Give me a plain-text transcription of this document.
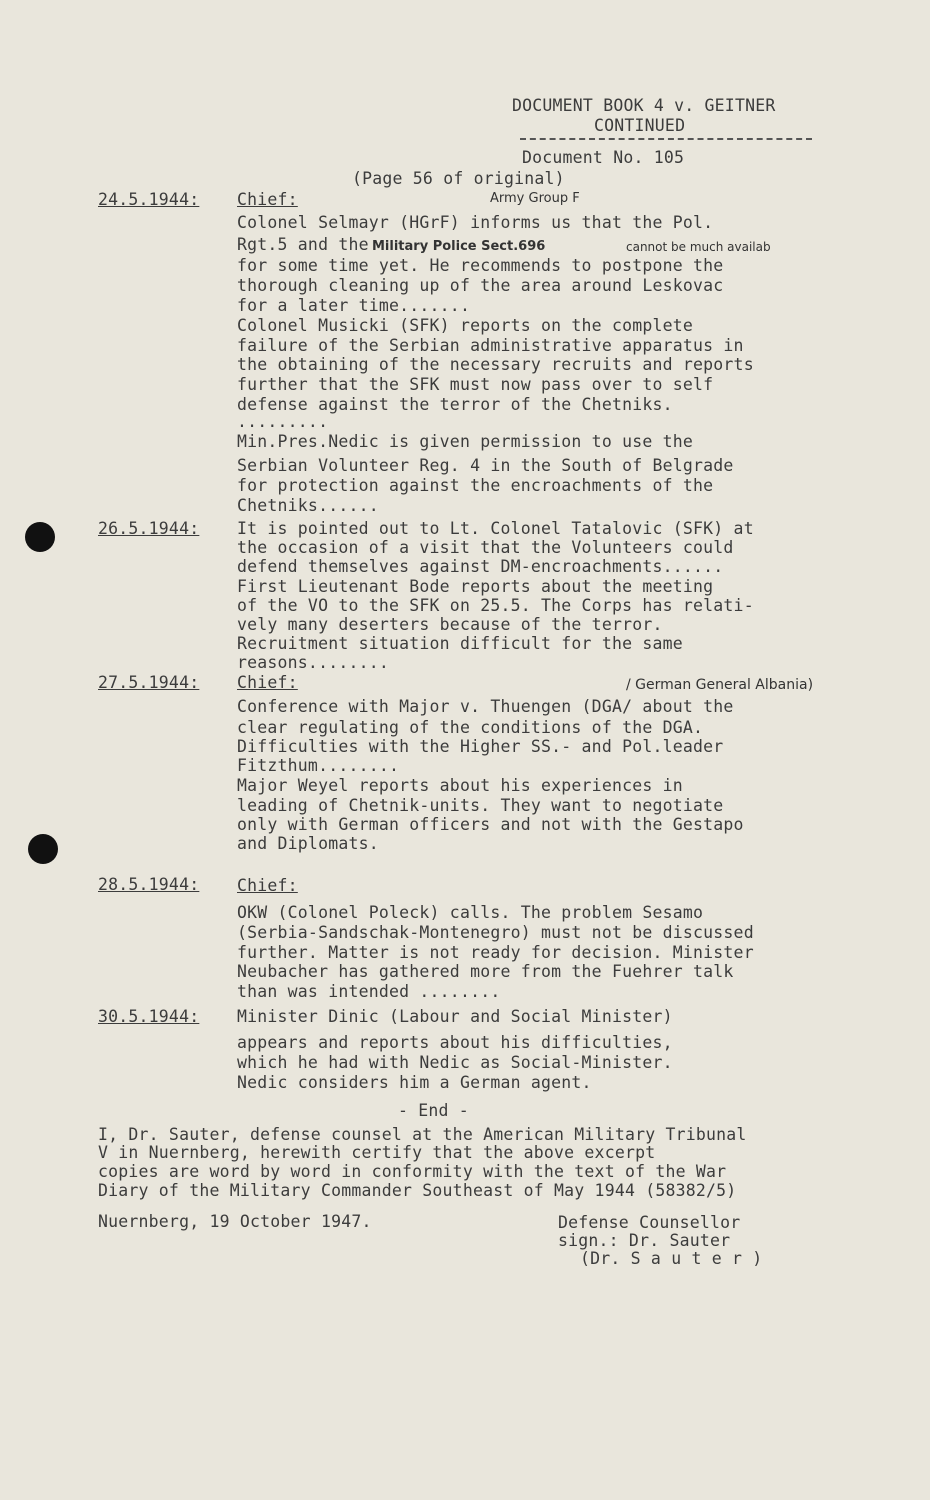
DOCUMENT BOOK 4 v. GEITNER
CONTINUED
Document No. 105
(Page 56 of original)
24.5.1944: Chief:	Army Group F
Colonel Selmayr (HGrF) informs us that the Pol.
Rgt.5 and the Military Police Sect.696	cannot be much availab
for some time yet. He recommends to postpone the
thorough cleaning up of the area around Leskovac
for a later time.......
Colonel Musicki (SFK) reports on the complete
failure of the Serbian administrative apparatus in
the obtaining of the necessary recruits and reports
further that the SFK must now pass over to self
defense against the terror of the Chetniks.
.........
Min.Pres.Nedic is given permission to use the
Serbian Volunteer Reg. 4 in the South of Belgrade
for protection against the encroachments of the
Chetniks......
26.5.1944: It is pointed out to Lt. Colonel Tatalovic (SFK) at
the occasion of a visit that the Volunteers could
defend themselves against DM-encroachments......
First Lieutenant Bode reports about the meeting
of the VO to the SFK on 25.5. The Corps has relati-
vely many deserters because of the terror.
Recruitment situation difficult for the same
reasons........
27.5.1944: Chief:	/ German General Albania)
Conference with Major v. Thuengen (DGA/ about the
clear regulating of the conditions of the DGA.
Difficulties with the Higher SS.- and Pol.leader
Fitzthum........
Major Weyel reports about his experiences in
leading of Chetnik-units. They want to negotiate
only with German officers and not with the Gestapo
and Diplomats.
28.5.1944: Chief:
OKW (Colonel Poleck) calls. The problem Sesamo
(Serbia-Sandschak-Montenegro) must not be discussed
further. Matter is not ready for decision. Minister
Neubacher has gathered more from the Fuehrer talk
than was intended ........
30.5.1944: Minister Dinic (Labour and Social Minister)
appears and reports about his difficulties,
which he had with Nedic as Social-Minister.
Nedic considers him a German agent.
- End -
I, Dr. Sauter, defense counsel at the American Military Tribunal
V in Nuernberg, herewith certify that the above excerpt
copies are word by word in conformity with the text of the War
Diary of the Military Commander Southeast of May 1944 (58382/5)
Nuernberg, 19 October 1947.	Defense Counsellor
sign.: Dr. Sauter
(Dr. S a u t e r )
